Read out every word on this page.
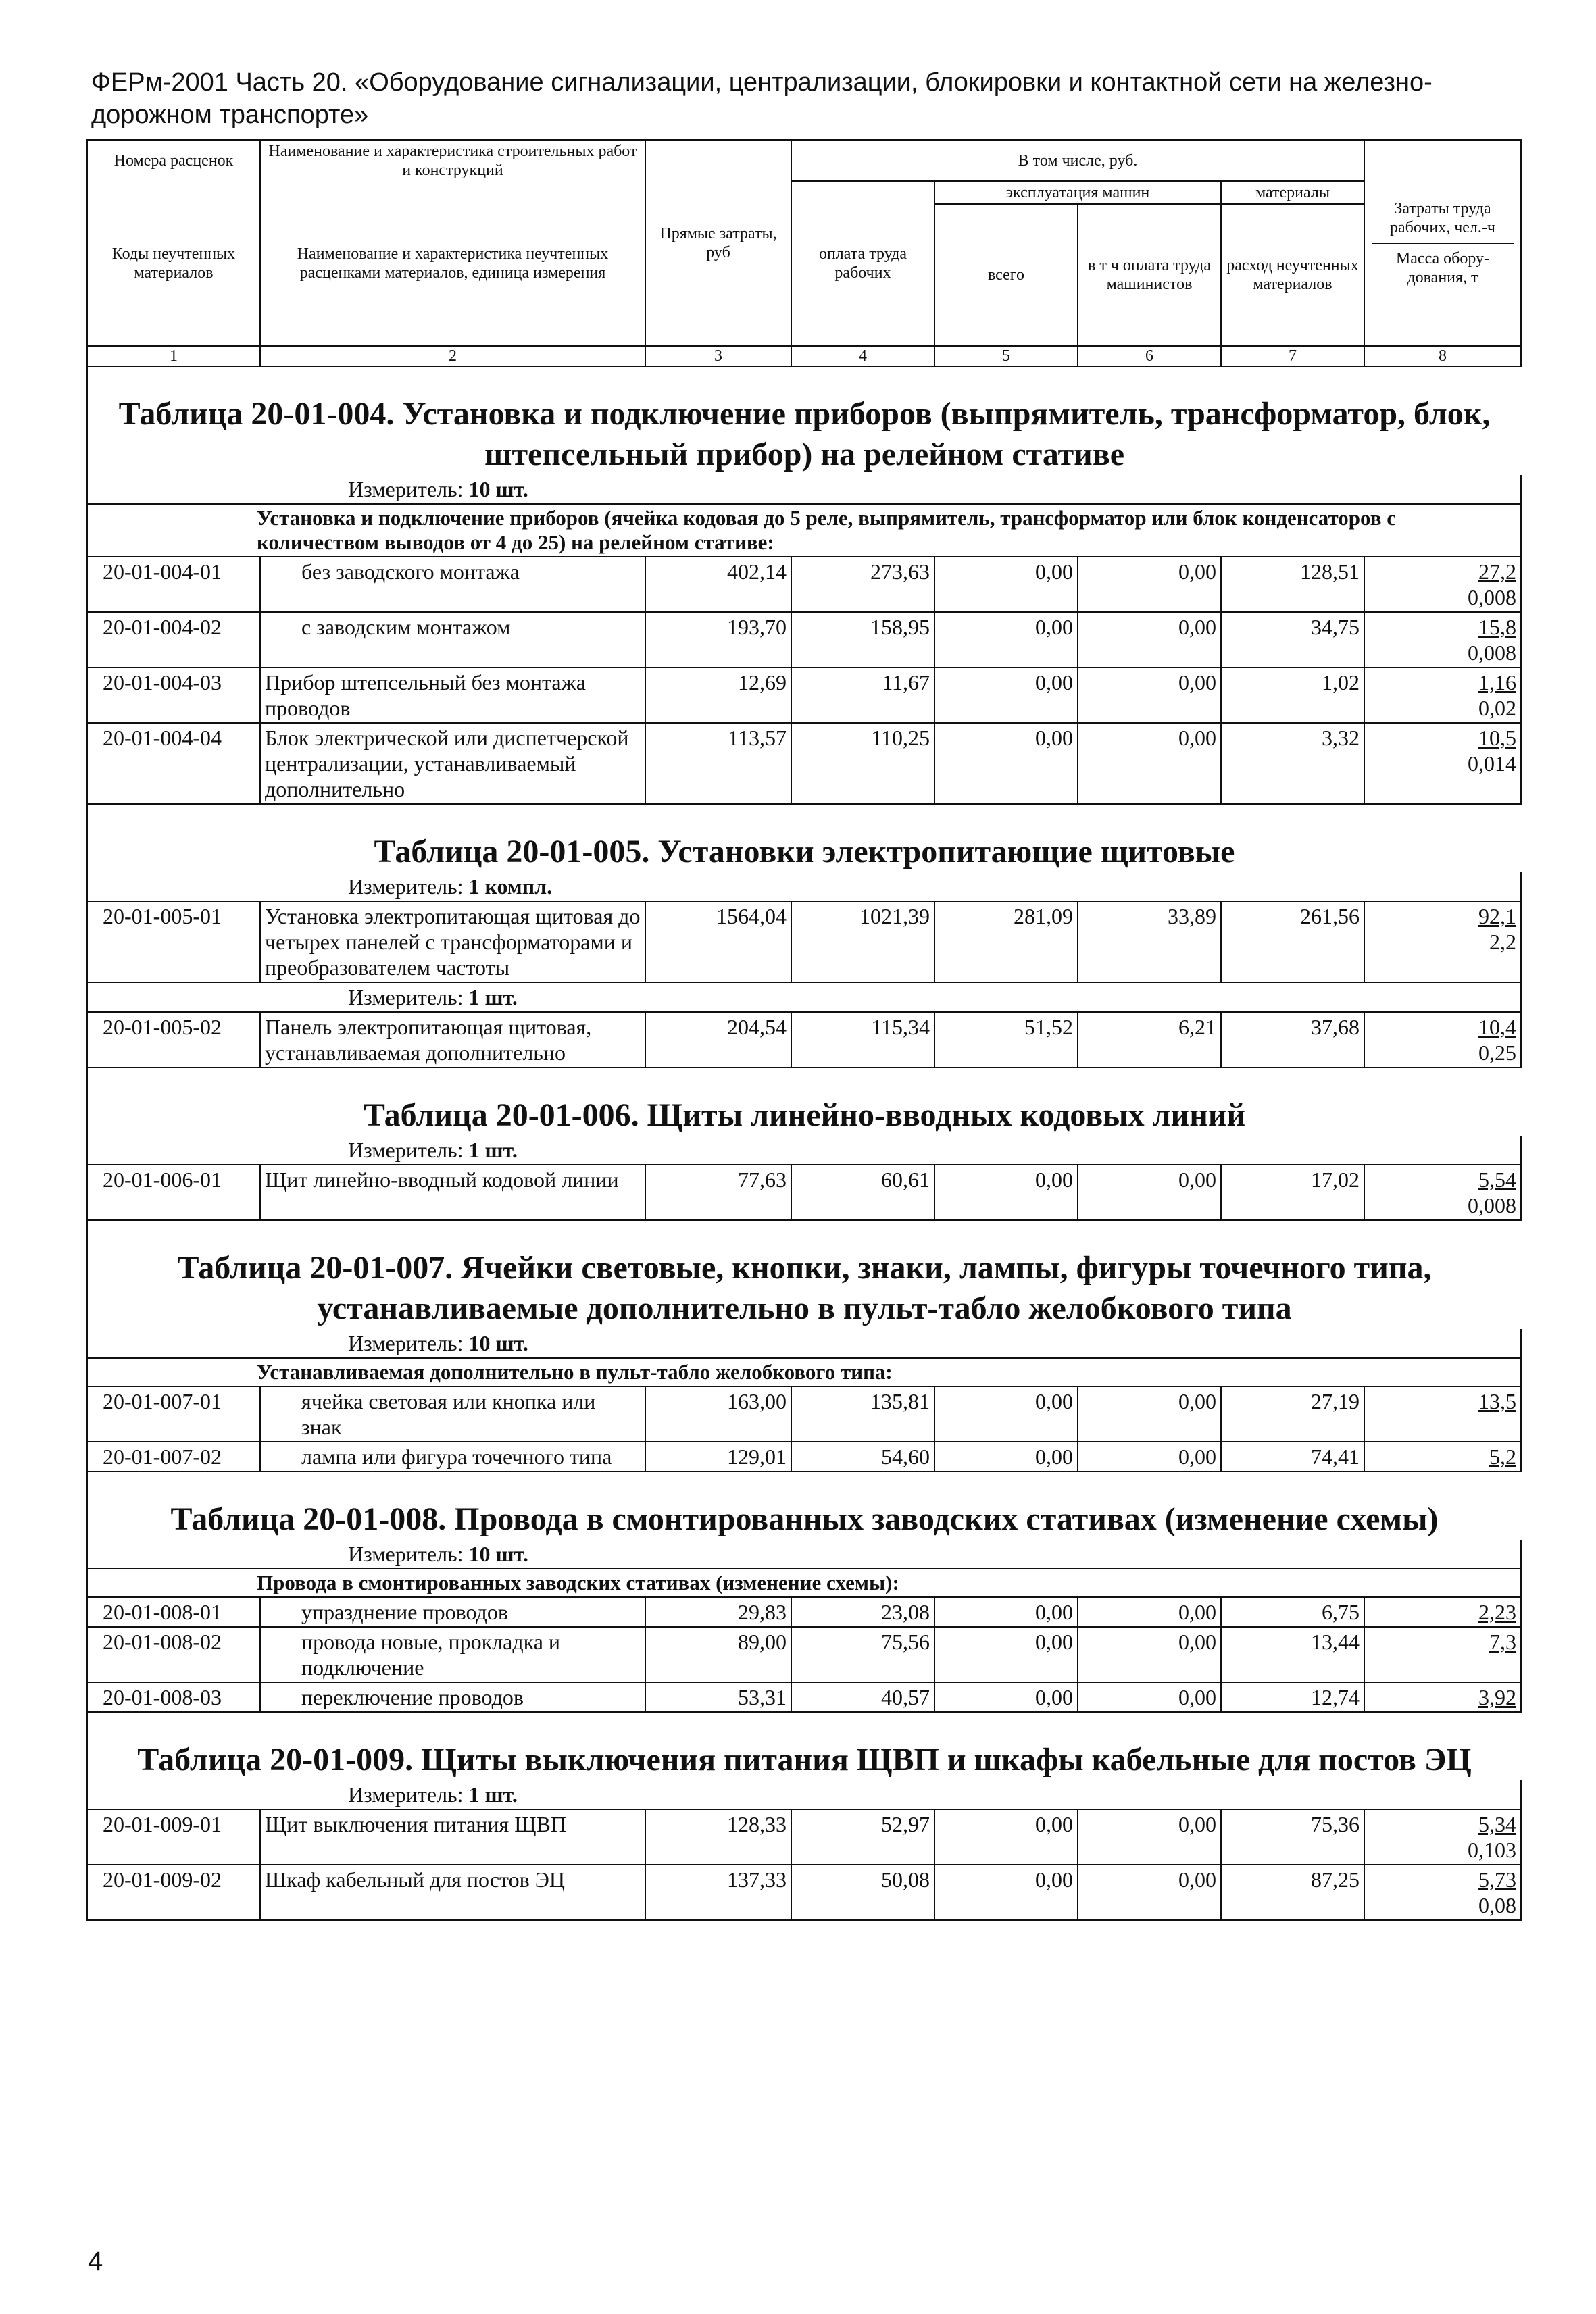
ФЕРм-2001 Часть 20. «Оборудование сигнализации, централизации, блокировки и контактной сети на железно-
дорожном транспорте»
Номера расценок	Наименование и характеристика строительных работ и конструкций	Прямые затраты, руб	В том числе, руб.				Затраты труда рабочих, чел.-ч
Масса обору-дования, т

Коды неучтенных материалов	Наименование и характеристика неучтенных расценками материалов, единица измерения		оплата труда рабочих	эксплуатация машин		материалы	
				всего	в т ч оплата труда машинистов	расход неучтенных материалов	
1	2	3	4	5	6	7	8

Таблица 20-01-004. Установка и подключение приборов (выпрямитель, трансформатор, блок, штепсельный прибор) на релейном стативе							

Измеритель: 10 шт.							
Установка и подключение приборов (ячейка кодовая до 5 реле, выпрямитель, трансформатор или блок конденсаторов с количеством выводов от 4 до 25) на релейном стативе:							
20-01-004-01	без заводского монтажа	402,14	273,63	0,00	0,00	128,51	27,2
0,008

20-01-004-02	с заводским монтажом	193,70	158,95	0,00	0,00	34,75	15,8
0,008

20-01-004-03	Прибор штепсельный без монтажа проводов	12,69	11,67	0,00	0,00	1,02	1,16
0,02

20-01-004-04	Блок электрической или диспетчерской централизации, устанавливаемый дополнительно	113,57	110,25	0,00	0,00	3,32	10,5
0,014

Таблица 20-01-005. Установки электропитающие щитовые							

Измеритель: 1 компл.							
20-01-005-01	Установка электропитающая щитовая до четырех панелей с трансформаторами и преобразователем частоты	1564,04	1021,39	281,09	33,89	261,56	92,1
2,2

Измеритель: 1 шт.							
20-01-005-02	Панель электропитающая щитовая, устанавливаемая дополнительно	204,54	115,34	51,52	6,21	37,68	10,4
0,25

Таблица 20-01-006. Щиты линейно-вводных кодовых линий							

Измеритель: 1 шт.							
20-01-006-01	Щит линейно-вводный кодовой линии	77,63	60,61	0,00	0,00	17,02	5,54
0,008

Таблица 20-01-007. Ячейки световые, кнопки, знаки, лампы, фигуры точечного типа, устанавливаемые дополнительно в пульт-табло желобкового типа							

Измеритель: 10 шт.							
Устанавливаемая дополнительно в пульт-табло желобкового типа:							
20-01-007-01	ячейка световая или кнопка или знак	163,00	135,81	0,00	0,00	27,19	13,5

20-01-007-02	лампа или фигура точечного типа	129,01	54,60	0,00	0,00	74,41	5,2

Таблица 20-01-008. Провода в смонтированных заводских стативах (изменение схемы)							

Измеритель: 10 шт.							
Провода в смонтированных заводских стативах (изменение схемы):							
20-01-008-01	упразднение проводов	29,83	23,08	0,00	0,00	6,75	2,23

20-01-008-02	провода новые, прокладка и подключение	89,00	75,56	0,00	0,00	13,44	7,3

20-01-008-03	переключение проводов	53,31	40,57	0,00	0,00	12,74	3,92

Таблица 20-01-009. Щиты выключения питания ЩВП и шкафы кабельные для постов ЭЦ							

Измеритель: 1 шт.							
20-01-009-01	Щит выключения питания ЩВП	128,33	52,97	0,00	0,00	75,36	5,34
0,103

20-01-009-02	Шкаф кабельный для постов ЭЦ	137,33	50,08	0,00	0,00	87,25	5,73
0,08
4
